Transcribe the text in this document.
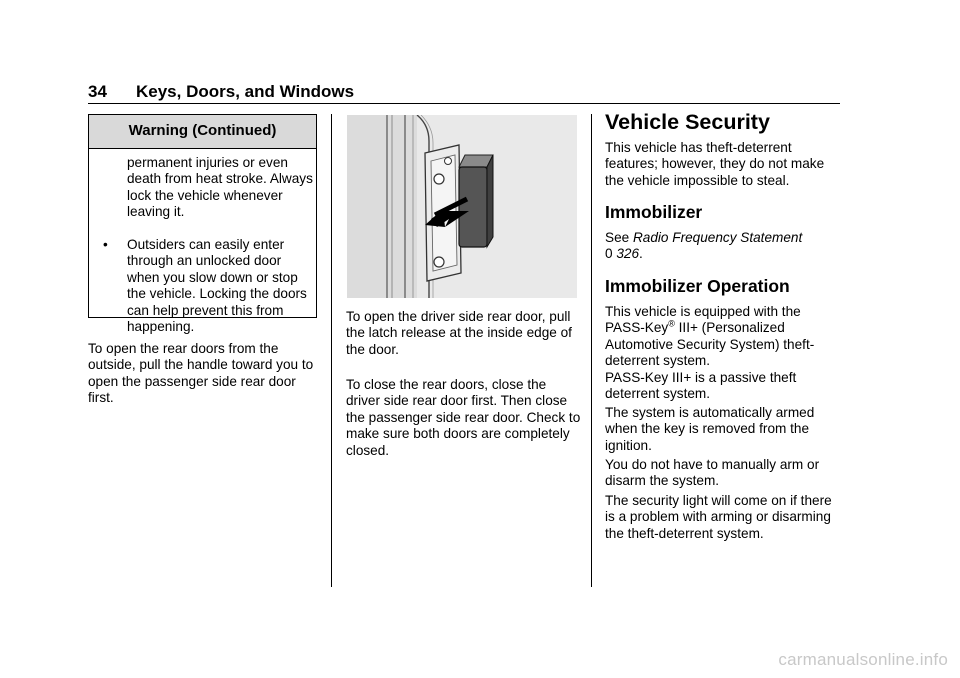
34 Keys, Doors, and Windows
Warning (Continued)
permanent injuries or even death from heat stroke. Always lock the vehicle whenever leaving it.
• Outsiders can easily enter through an unlocked door when you slow down or stop the vehicle. Locking the doors can help prevent this from happening.
To open the rear doors from the outside, pull the handle toward you to open the passenger side rear door first.
To open the driver side rear door, pull the latch release at the inside edge of the door.
To close the rear doors, close the driver side rear door first. Then close the passenger side rear door. Check to make sure both doors are completely closed.
Vehicle Security
This vehicle has theft-deterrent features; however, they do not make the vehicle impossible to steal.
Immobilizer
See Radio Frequency Statement
0 326.
Immobilizer Operation
This vehicle is equipped with the PASS-Key® III+ (Personalized Automotive Security System) theft-deterrent system.
PASS-Key III+ is a passive theft deterrent system.
The system is automatically armed when the key is removed from the ignition.
You do not have to manually arm or disarm the system.
The security light will come on if there is a problem with arming or disarming the theft-deterrent system.
carmanualsonline.info
